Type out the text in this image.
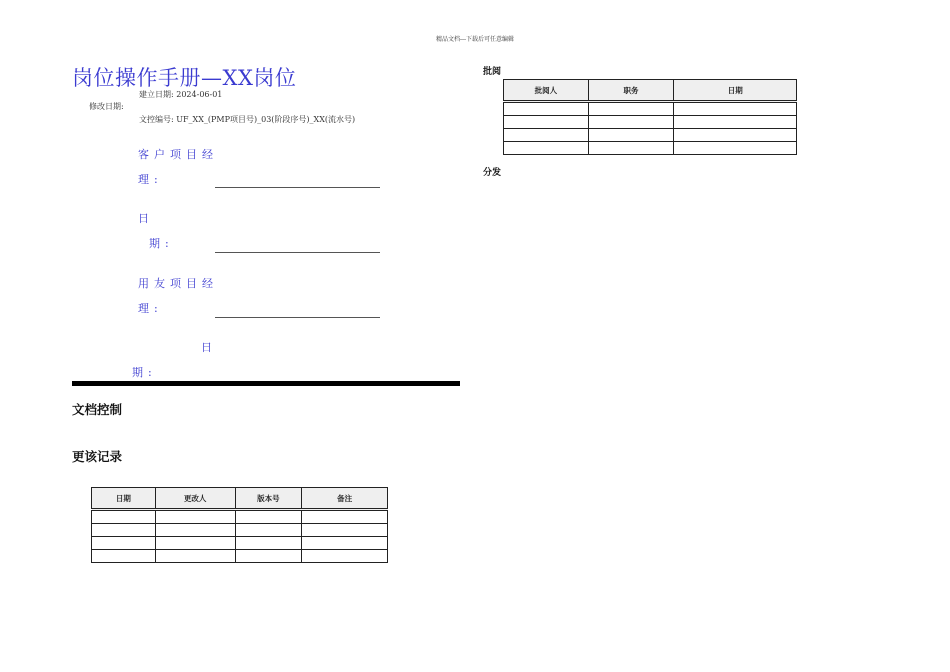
精品文档---下载后可任意编辑
岗位操作手册—XX岗位
建立日期: 2024-06-01
修改日期:
文控编号: UF_XX_(PMP项目号)_03(阶段序号)_XX(流水号)
客户项目经
理:
日
期:
用友项目经
理:
日
期:
文档控制
更该记录
日期	更改人	版本号	备注

批阅
批阅人	职务	日期

分发
